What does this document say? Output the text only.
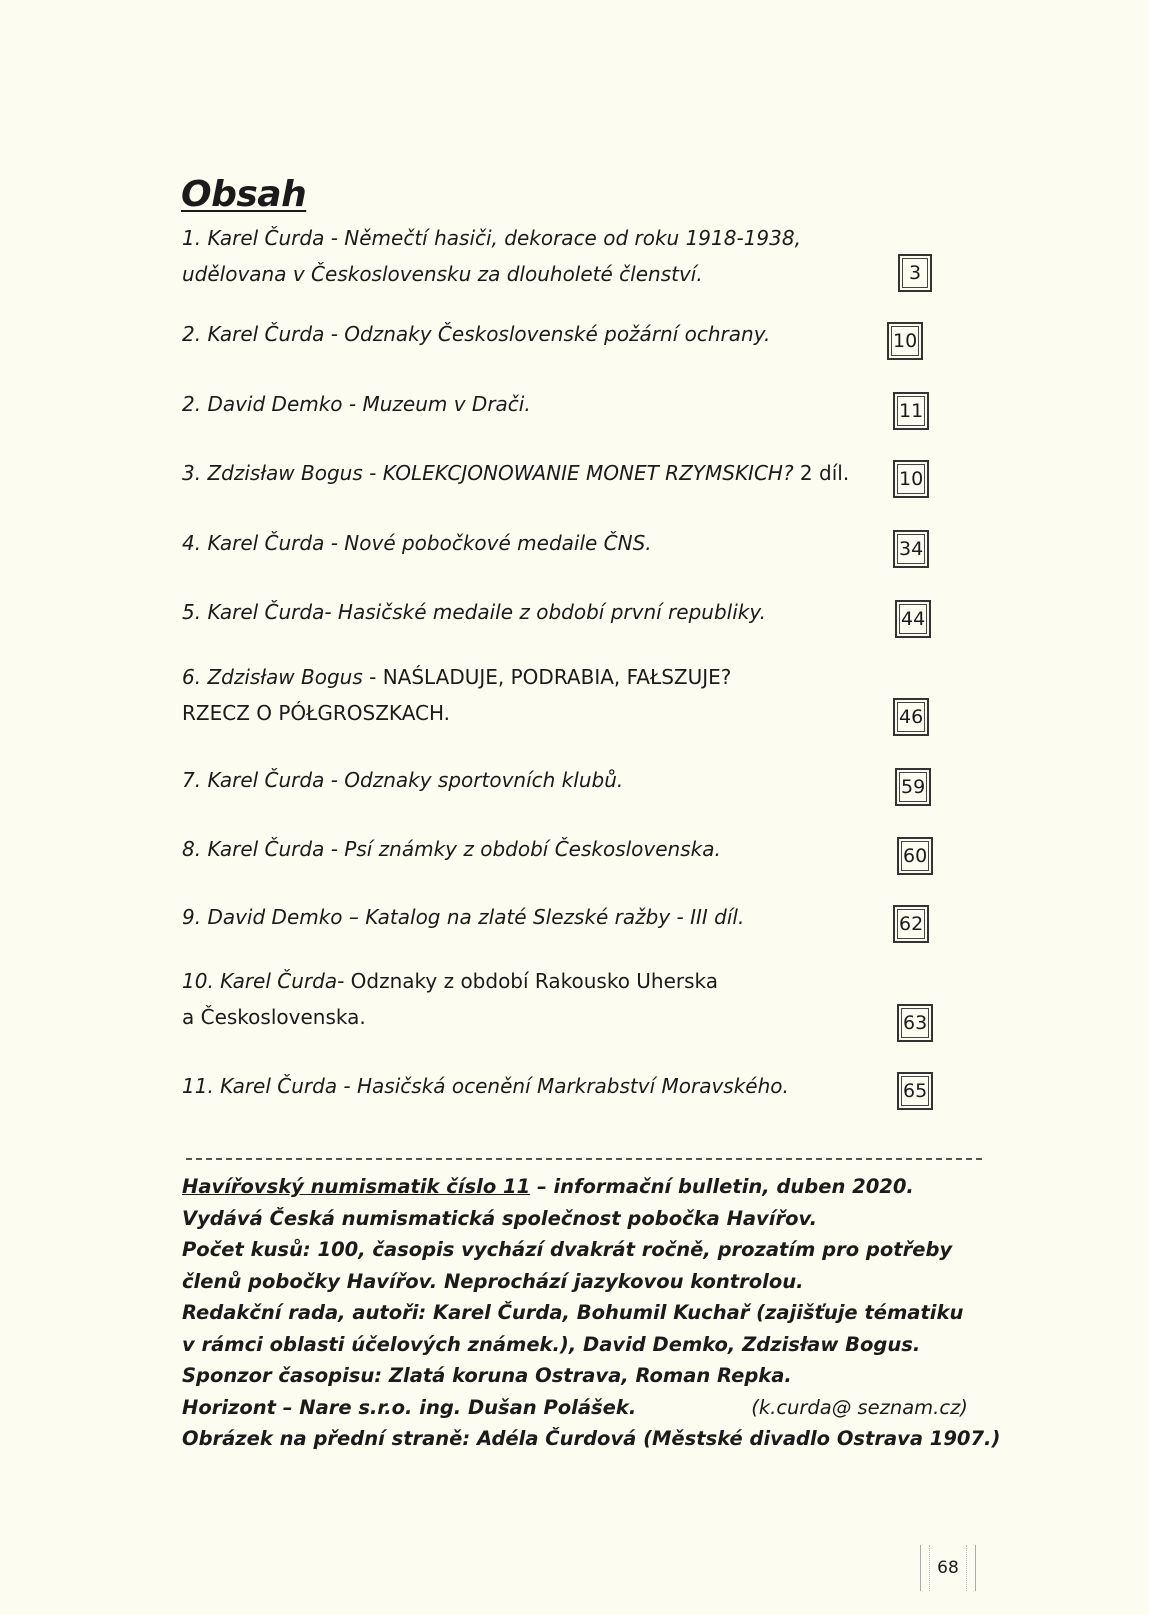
Obsah
1. Karel Čurda - Němečtí hasiči, dekorace od roku 1918-1938,
udělovana v Československu za dlouholeté členství.	3
2. Karel Čurda - Odznaky Československé požární ochrany.	10
2. David Demko - Muzeum v Drači.	11
3. Zdzisław Bogus - KOLEKCJONOWANIE MONET RZYMSKICH? 2 díl.	10
4. Karel Čurda - Nové pobočkové medaile ČNS.	34
5. Karel Čurda- Hasičské medaile z období první republiky.	44
6. Zdzisław Bogus - NAŚLADUJE, PODRABIA, FAŁSZUJE?
RZECZ O PÓŁGROSZKACH.	46
7. Karel Čurda - Odznaky sportovních klubů.	59
8. Karel Čurda - Psí známky z období Československa.	60
9. David Demko – Katalog na zlaté Slezské ražby - III díl.	62
10. Karel Čurda- Odznaky z období Rakousko Uherska
a Československa.	63
11. Karel Čurda - Hasičská ocenění Markrabství Moravského.	65

Havířovský numismatik číslo 11 – informační bulletin, duben 2020.

Vydává Česká numismatická společnost pobočka Havířov.

Počet kusů: 100, časopis vychází dvakrát ročně, prozatím pro potřeby

členů pobočky Havířov. Neprochází jazykovou kontrolou.

Redakční rada, autoři: Karel Čurda, Bohumil Kuchař (zajišťuje tématiku

v rámci oblasti účelových známek.), David Demko, Zdzisław Bogus.

Sponzor časopisu: Zlatá koruna Ostrava, Roman Repka.

Horizont – Nare s.r.o. ing. Dušan Polášek.	(k.curda@ seznam.cz)

Obrázek na přední straně: Adéla Čurdová (Městské divadlo Ostrava 1907.)

68
